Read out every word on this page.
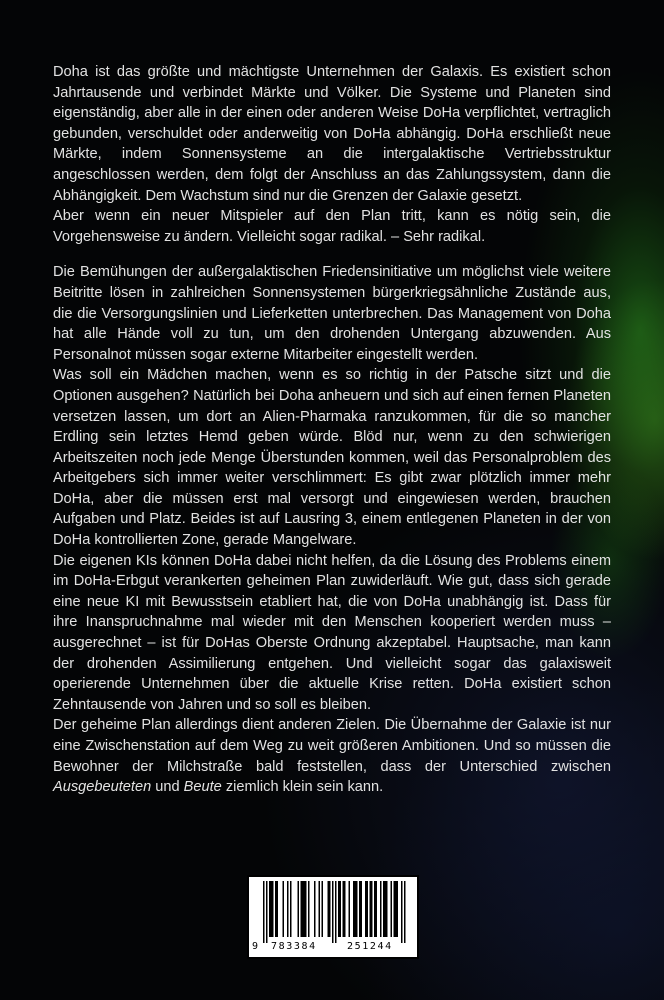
Doha ist das größte und mächtigste Unternehmen der Galaxis. Es existiert schon Jahrtausende und verbindet Märkte und Völker. Die Systeme und Planeten sind eigenständig, aber alle in der einen oder anderen Weise DoHa verpflichtet, vertraglich gebunden, verschuldet oder anderweitig von DoHa abhängig. DoHa erschließt neue Märkte, indem Sonnensysteme an die intergalaktische Vertriebsstruktur angeschlossen werden, dem folgt der Anschluss an das Zahlungssystem, dann die Abhängigkeit. Dem Wachstum sind nur die Grenzen der Galaxie gesetzt.

Aber wenn ein neuer Mitspieler auf den Plan tritt, kann es nötig sein, die Vorgehensweise zu ändern. Vielleicht sogar radikal. – Sehr radikal.

Die Bemühungen der außergalaktischen Friedensinitiative um möglichst viele weitere Beitritte lösen in zahlreichen Sonnensystemen bürgerkriegsähnliche Zustände aus, die die Versorgungslinien und Lieferketten unterbrechen. Das Management von Doha hat alle Hände voll zu tun, um den drohenden Untergang abzuwenden. Aus Personalnot müssen sogar externe Mitarbeiter eingestellt werden.

Was soll ein Mädchen machen, wenn es so richtig in der Patsche sitzt und die Optionen ausgehen? Natürlich bei Doha anheuern und sich auf einen fernen Planeten versetzen lassen, um dort an Alien-Pharmaka ranzukommen, für die so mancher Erdling sein letztes Hemd geben würde. Blöd nur, wenn zu den schwierigen Arbeitszeiten noch jede Menge Überstunden kommen, weil das Personalproblem des Arbeitgebers sich immer weiter verschlimmert: Es gibt zwar plötzlich immer mehr DoHa, aber die müssen erst mal versorgt und eingewiesen werden, brauchen Aufgaben und Platz. Beides ist auf Lausring 3, einem entlegenen Planeten in der von DoHa kontrollierten Zone, gerade Mangelware.

Die eigenen KIs können DoHa dabei nicht helfen, da die Lösung des Problems einem im DoHa-Erbgut verankerten geheimen Plan zuwiderläuft. Wie gut, dass sich gerade eine neue KI mit Bewusstsein etabliert hat, die von DoHa unabhängig ist. Dass für ihre Inanspruchnahme mal wieder mit den Menschen kooperiert werden muss – ausgerechnet – ist für DoHas Oberste Ordnung akzeptabel. Hauptsache, man kann der drohenden Assimilierung entgehen. Und vielleicht sogar das galaxisweit operierende Unternehmen über die aktuelle Krise retten. DoHa existiert schon Zehntausende von Jahren und so soll es bleiben.

Der geheime Plan allerdings dient anderen Zielen. Die Übernahme der Galaxie ist nur eine Zwischenstation auf dem Weg zu weit größeren Ambitionen. Und so müssen die Bewohner der Milchstraße bald feststellen, dass der Unterschied zwischen Ausgebeuteten und Beute ziemlich klein sein kann.

9 783384	251244
